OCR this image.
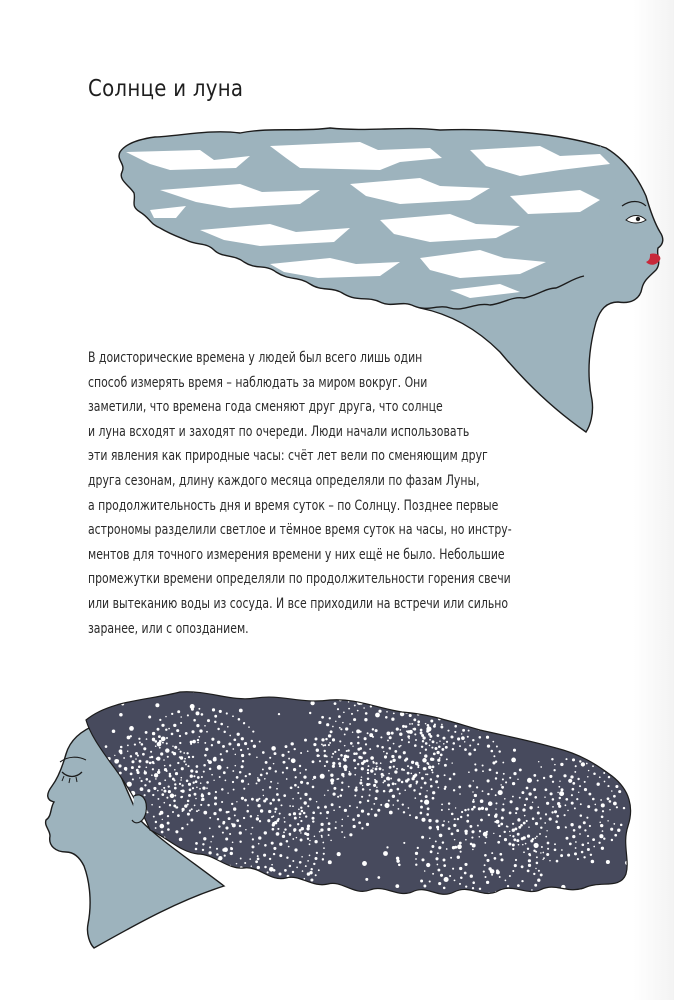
Солнце и луна
В доисторические времена у людей был всего лишь один
способ измерять время – наблюдать за миром вокруг. Они
заметили, что времена года сменяют друг друга, что солнце
и луна всходят и заходят по очереди. Люди начали использовать
эти явления как природные часы: счёт лет вели по сменяющим друг
друга сезонам, длину каждого месяца определяли по фазам Луны,
а продолжительность дня и время суток – по Солнцу. Позднее первые
астрономы разделили светлое и тёмное время суток на часы, но инстру-
ментов для точного измерения времени у них ещё не было. Небольшие
промежутки времени определяли по продолжительности горения свечи
или вытеканию воды из сосуда. И все приходили на встречи или сильно
заранее, или с опозданием.
